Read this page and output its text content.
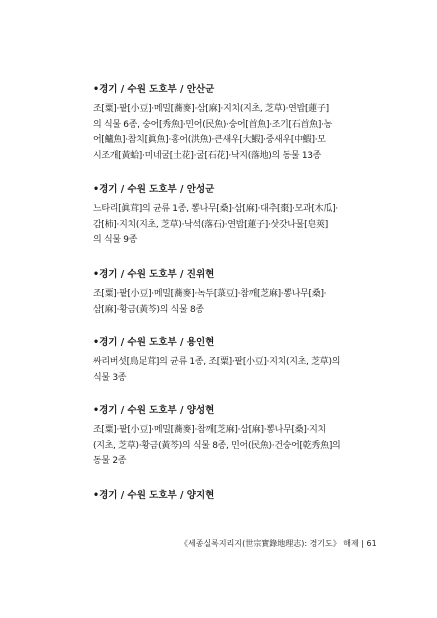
•경기 / 수원 도호부 / 안산군
조[粟]·팥[小豆]·메밀[蕎麥]·삼[麻]·지치(지초, 芝草)·연밥[蓮子]
의 식물 6종, 숭어[秀魚]·민어(民魚)·숭어[首魚]·조기[石首魚]·농
어[鱸魚]·참치[眞魚]·홍어(洪魚)·큰새우[大鰕]·중새우[中鰕]·모
시조개[黃蛤]·미네굴[土花]·굴[石花]·낙지(落地)의 동물 13종
•경기 / 수원 도호부 / 안성군
느타리[眞茸]의 균류 1종, 뽕나무[桑]·삼[麻]·대추[棗]·모과[木瓜]·
감[柿]·지치(지초, 芝草)·낙석(落石)·연밥[蓮子]·삿갓나물[皂莢]
의 식물 9종
•경기 / 수원 도호부 / 진위현
조[粟]·팥[小豆]·메밀[蕎麥]·녹두[菉豆]·참깨[芝麻]·뽕나무[桑]·
삼[麻]·황금(黃芩)의 식물 8종
•경기 / 수원 도호부 / 용인현
싸리버섯[鳥足茸]의 균류 1종, 조[粟]·팥[小豆]·지치(지초, 芝草)의
식물 3종
•경기 / 수원 도호부 / 양성현
조[粟]·팥[小豆]·메밀[蕎麥]·참깨[芝麻]·삼[麻]·뽕나무[桑]·지치
(지초, 芝草)·황금(黃芩)의 식물 8종, 민어(民魚)·건숭어[乾秀魚]의
동물 2종
•경기 / 수원 도호부 / 양지현
《세종실록지리지(世宗實錄地理志): 경기도》 해제 | 61
